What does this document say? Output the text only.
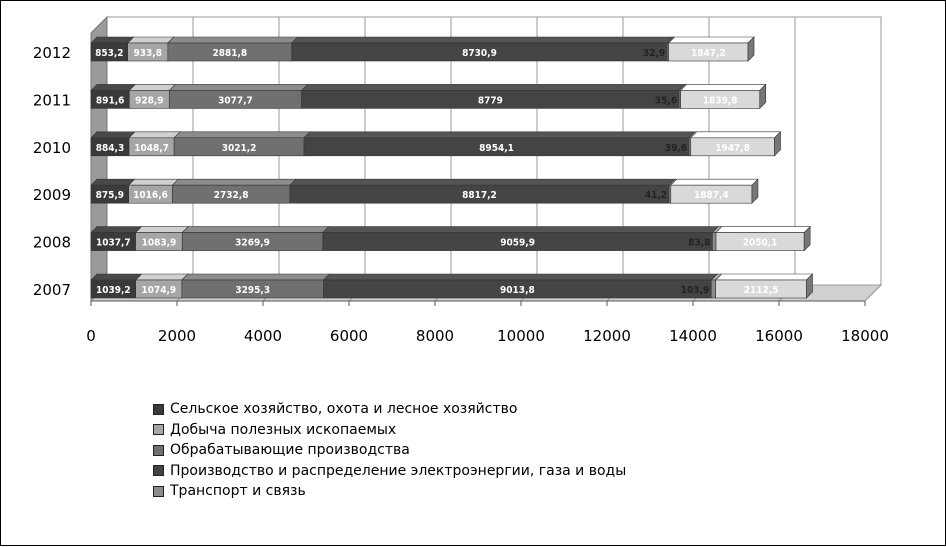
1039,2 1074,9	3295,3	9013,8	103,9	2112,5
1037,7 1083,9	3269,9	9059,9	83,8	2050,1
875,9 1016,6	2732,8	8817,2	41,2	1887,4
884,3 1048,7	3021,2	8954,1	39,6	1947,8
891,6 928,9	3077,7	8779	35,6	1839,8
853,2 933,8	2881,8	8730,9	32,9	1847,2
2007
2008
2009
2010
2011
2012
0	2000	4000	6000	8000	10000	12000	14000	16000	18000
Сельское хозяйство, охота и лесное хозяйство
Добыча полезных ископаемых
Обрабатывающие производства
Производство и распределение электроэнергии, газа и воды
Транспорт и связь
